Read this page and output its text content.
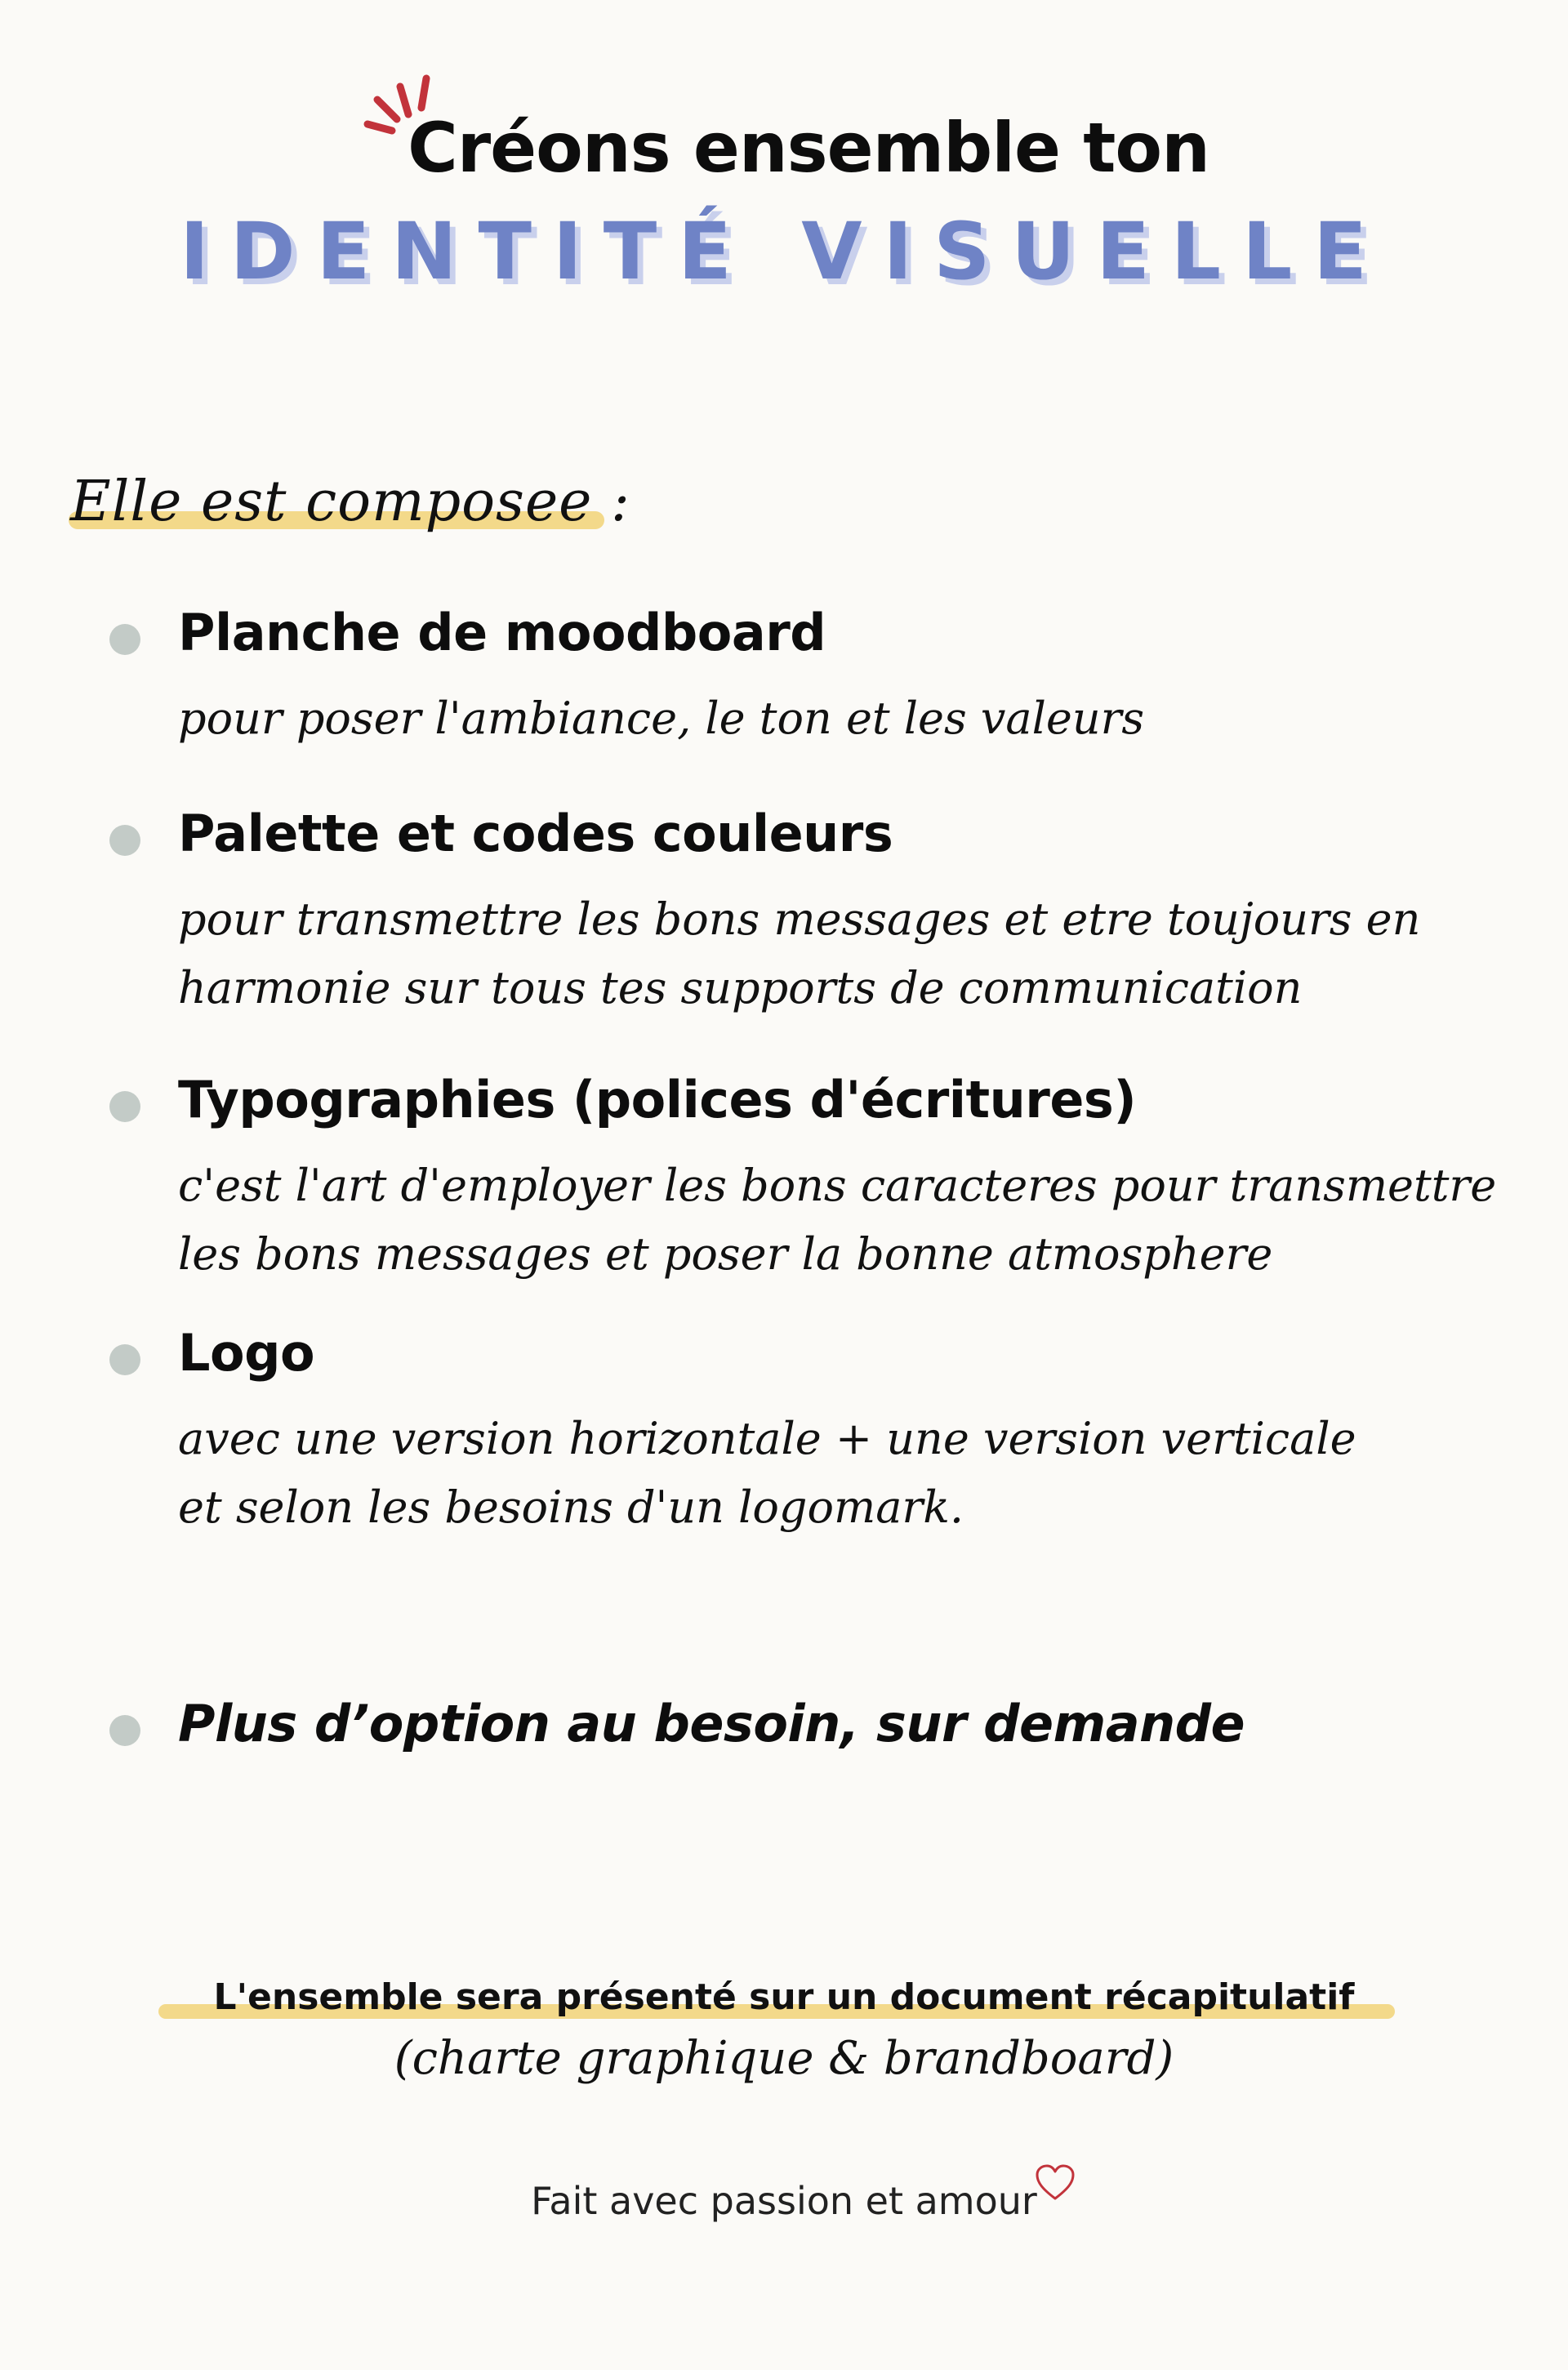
Créons ensemble ton
IDENTITÉ VISUELLE
Elle est composee :
Planche de moodboard
pour poser l'ambiance, le ton et les valeurs
Palette et codes couleurs
pour transmettre les bons messages et etre toujours en
harmonie sur tous tes supports de communication
Typographies (polices d'écritures)
c'est l'art d'employer les bons caracteres pour transmettre
les bons messages et poser la bonne atmosphere
Logo
avec une version horizontale + une version verticale
et selon les besoins d'un logomark.
Plus d’option au besoin, sur demande
L'ensemble sera présenté sur un document récapitulatif
(charte graphique & brandboard)
Fait avec passion et amour
